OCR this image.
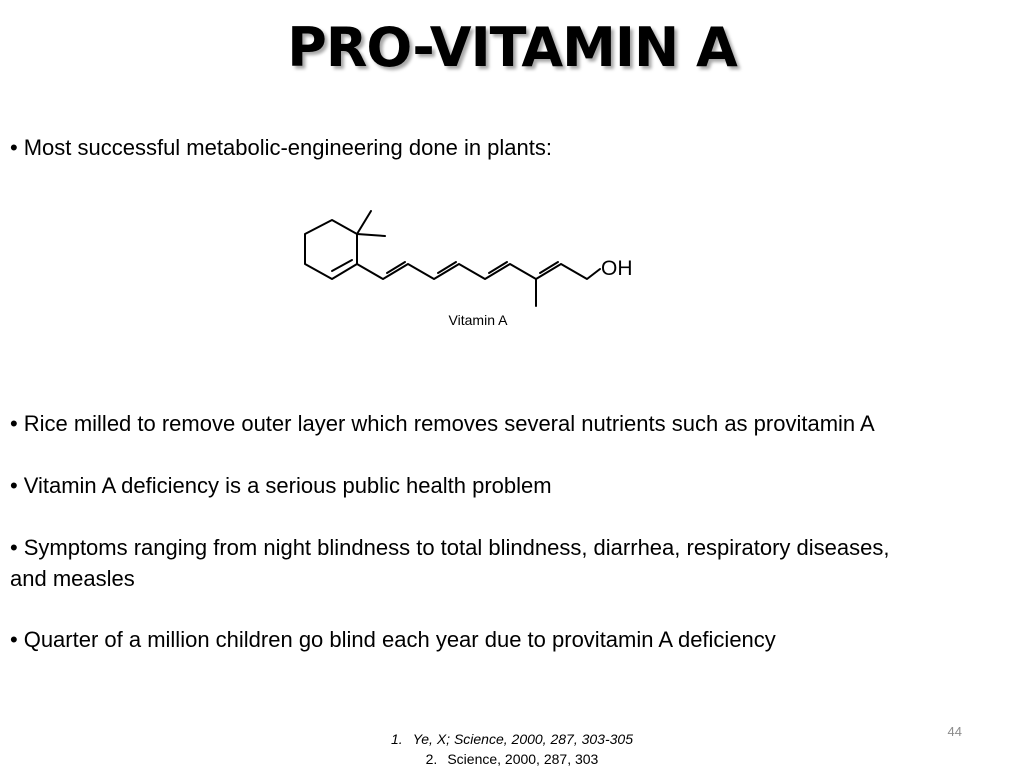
PRO-VITAMIN A
• Most successful metabolic-engineering done in plants:
OH
Vitamin A
• Rice milled to remove outer layer which removes several nutrients such as provitamin A
• Vitamin A deficiency is a serious public health problem
• Symptoms ranging from night blindness to total blindness, diarrhea, respiratory diseases, and measles
• Quarter of a million children go blind each year due to provitamin A deficiency
44
1. Ye, X; Science, 2000, 287, 303-305
2. Science, 2000, 287, 303
